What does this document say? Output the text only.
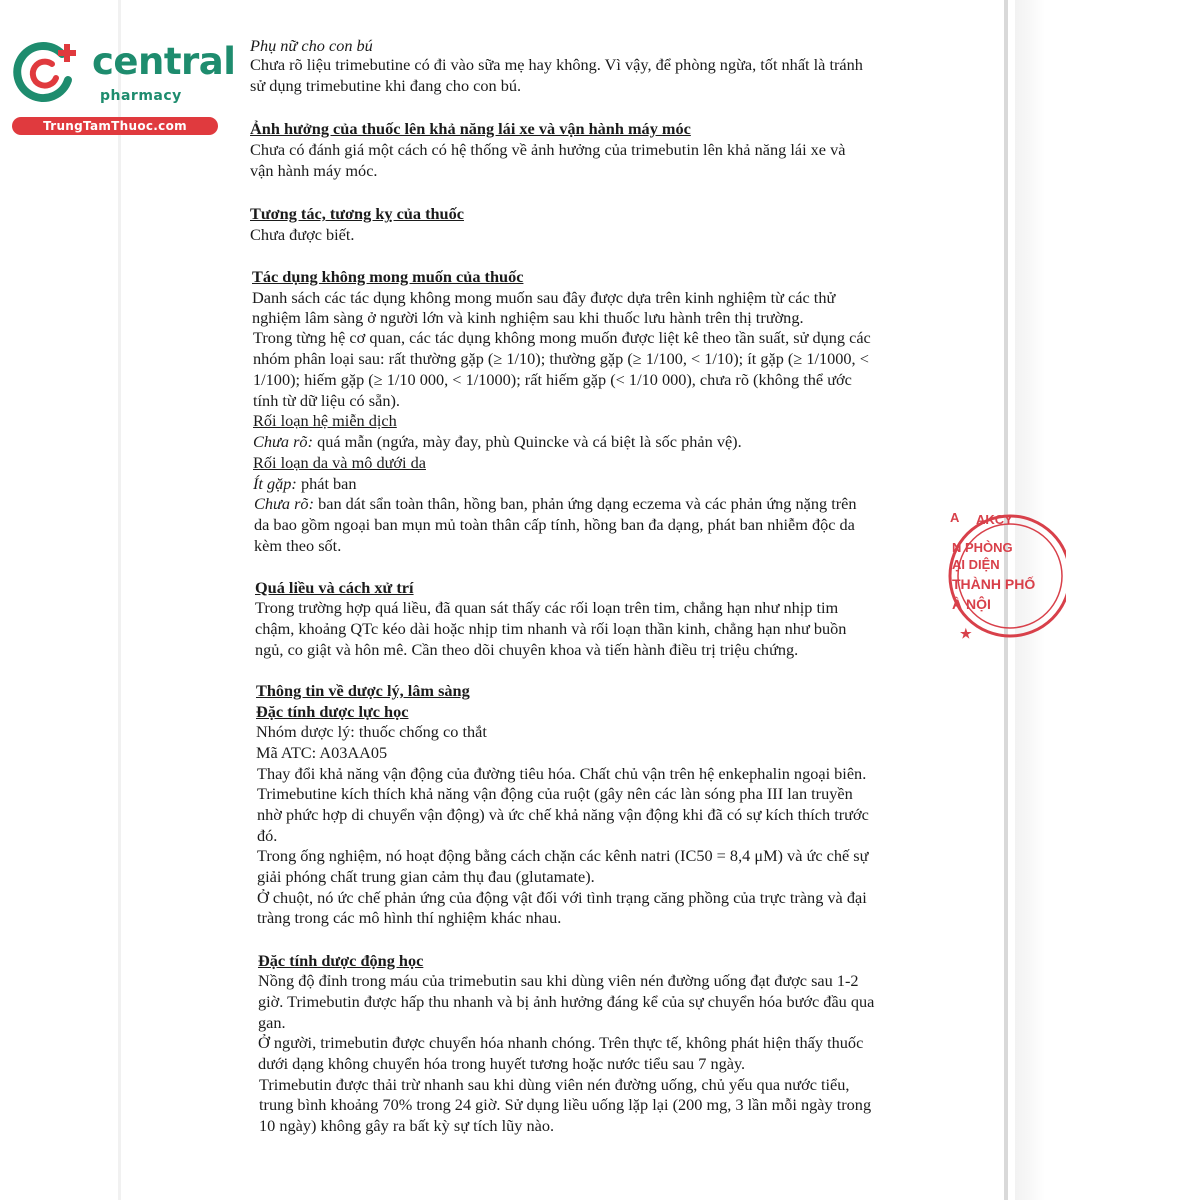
central
pharmacy
TrungTamThuoc.com
Phụ nữ cho con bú
Chưa rõ liệu trimebutine có đi vào sữa mẹ hay không. Vì vậy, để phòng ngừa, tốt nhất là tránh
sử dụng trimebutine khi đang cho con bú.
Ảnh hưởng của thuốc lên khả năng lái xe và vận hành máy móc
Chưa có đánh giá một cách có hệ thống về ảnh hưởng của trimebutin lên khả năng lái xe và
vận hành máy móc.
Tương tác, tương kỵ của thuốc
Chưa được biết.
Tác dụng không mong muốn của thuốc
Danh sách các tác dụng không mong muốn sau đây được dựa trên kinh nghiệm từ các thử
nghiệm lâm sàng ở người lớn và kinh nghiệm sau khi thuốc lưu hành trên thị trường.
Trong từng hệ cơ quan, các tác dụng không mong muốn được liệt kê theo tần suất, sử dụng các
nhóm phân loại sau: rất thường gặp (≥ 1/10); thường gặp (≥ 1/100, < 1/10); ít gặp (≥ 1/1000, <
1/100); hiếm gặp (≥ 1/10 000, < 1/1000); rất hiếm gặp (< 1/10 000), chưa rõ (không thể ước
tính từ dữ liệu có sẵn).
Rối loạn hệ miễn dịch
Chưa rõ: quá mẫn (ngứa, mày đay, phù Quincke và cá biệt là sốc phản vệ).
Rối loạn da và mô dưới da
Ít gặp: phát ban
Chưa rõ: ban dát sẩn toàn thân, hồng ban, phản ứng dạng eczema và các phản ứng nặng trên
da bao gồm ngoại ban mụn mủ toàn thân cấp tính, hồng ban đa dạng, phát ban nhiễm độc da
kèm theo sốt.
Quá liều và cách xử trí
Trong trường hợp quá liều, đã quan sát thấy các rối loạn trên tim, chẳng hạn như nhịp tim
chậm, khoảng QTc kéo dài hoặc nhịp tim nhanh và rối loạn thần kinh, chẳng hạn như buồn
ngủ, co giật và hôn mê. Cần theo dõi chuyên khoa và tiến hành điều trị triệu chứng.
Thông tin về dược lý, lâm sàng
Đặc tính dược lực học
Nhóm dược lý: thuốc chống co thắt
Mã ATC: A03AA05
Thay đổi khả năng vận động của đường tiêu hóa. Chất chủ vận trên hệ enkephalin ngoại biên.
Trimebutine kích thích khả năng vận động của ruột (gây nên các làn sóng pha III lan truyền
nhờ phức hợp di chuyển vận động) và ức chế khả năng vận động khi đã có sự kích thích trước
đó.
Trong ống nghiệm, nó hoạt động bằng cách chặn các kênh natri (IC50 = 8,4 μM) và ức chế sự
giải phóng chất trung gian cảm thụ đau (glutamate).
Ở chuột, nó ức chế phản ứng của động vật đối với tình trạng căng phồng của trực tràng và đại
tràng trong các mô hình thí nghiệm khác nhau.
Đặc tính dược động học
Nồng độ đỉnh trong máu của trimebutin sau khi dùng viên nén đường uống đạt được sau 1-2
giờ. Trimebutin được hấp thu nhanh và bị ảnh hưởng đáng kể của sự chuyển hóa bước đầu qua
gan.
Ở người, trimebutin được chuyển hóa nhanh chóng. Trên thực tế, không phát hiện thấy thuốc
dưới dạng không chuyển hóa trong huyết tương hoặc nước tiểu sau 7 ngày.
Trimebutin được thải trừ nhanh sau khi dùng viên nén đường uống, chủ yếu qua nước tiểu,
trung bình khoảng 70% trong 24 giờ. Sử dụng liều uống lặp lại (200 mg, 3 lần mỗi ngày trong
10 ngày) không gây ra bất kỳ sự tích lũy nào.
A AKCY
N PHÒNG
ẠI DIỆN
THÀNH PHỐ
À NỘI
★
